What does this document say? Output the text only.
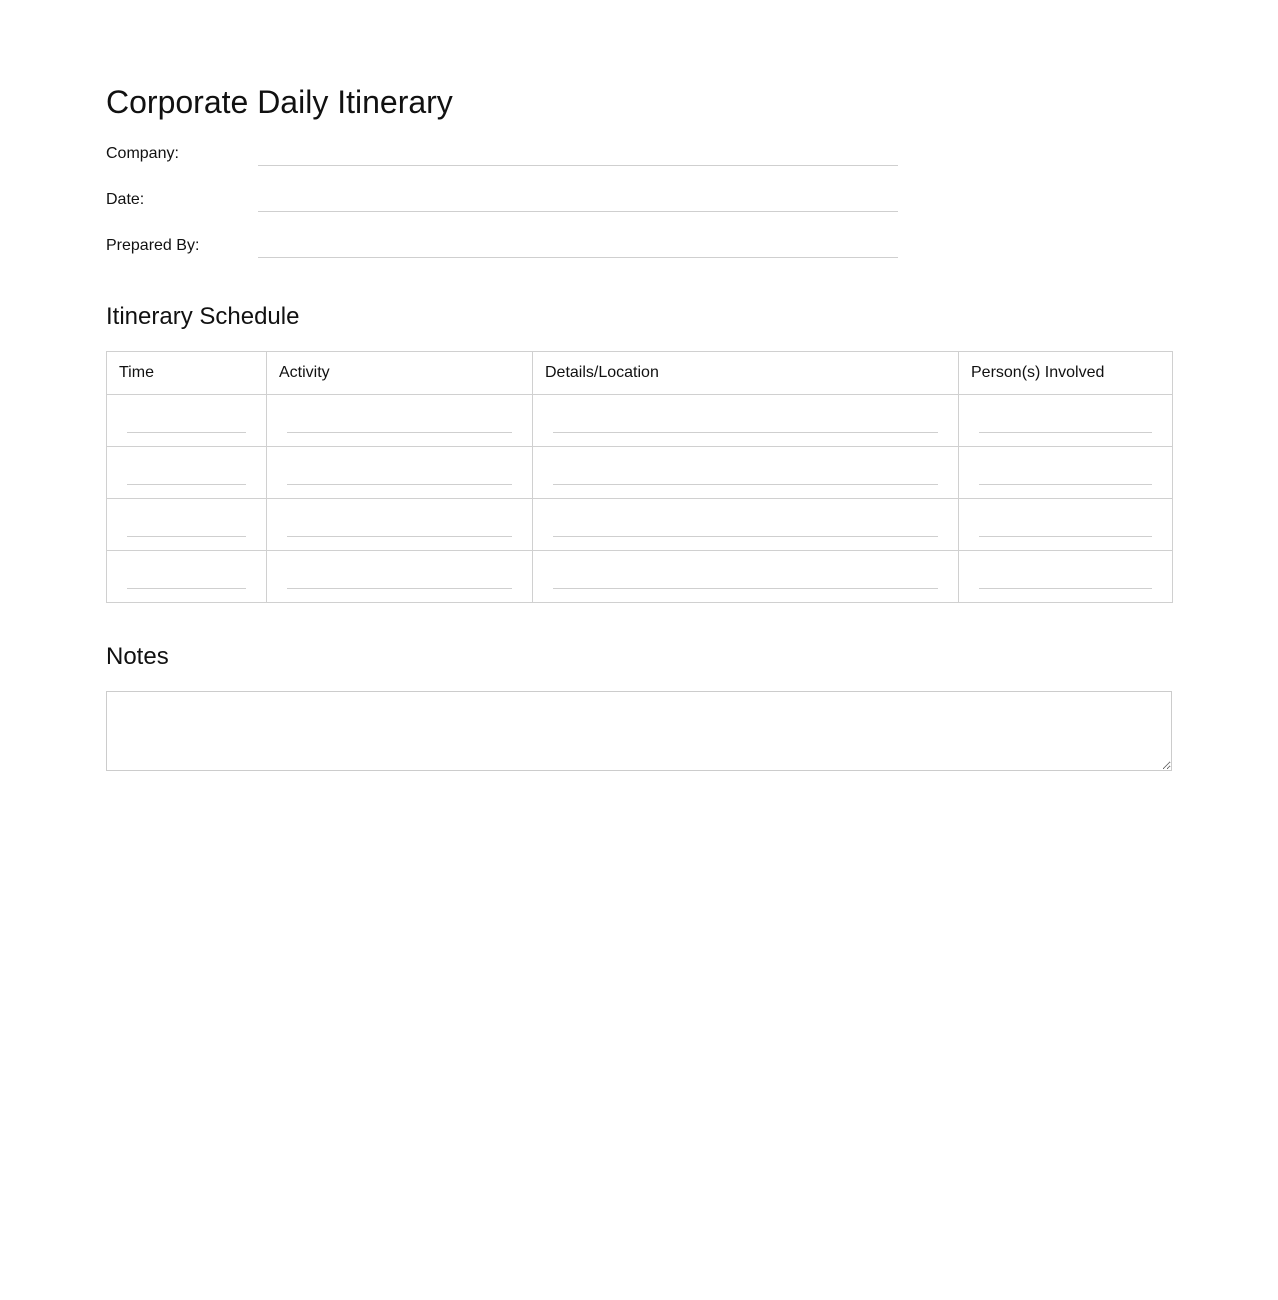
Corporate Daily Itinerary
Company:
Date:
Prepared By:
Itinerary Schedule
Time	Activity	Details/Location	Person(s) Involved

Notes
